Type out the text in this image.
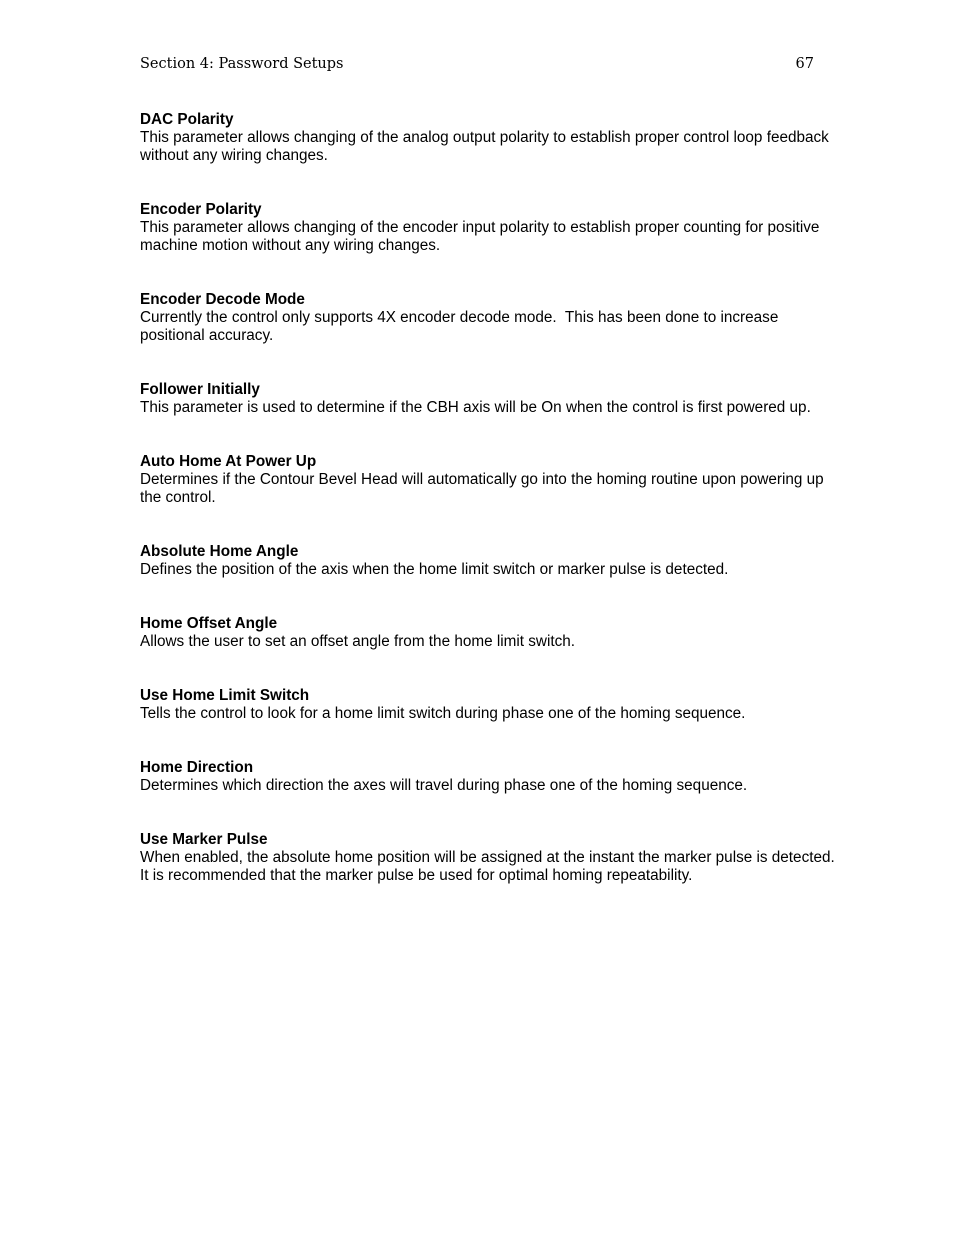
Section 4: Password Setups	67

DAC Polarity

This parameter allows changing of the analog output polarity to establish proper control loop feedback without any wiring changes.

Encoder Polarity

This parameter allows changing of the encoder input polarity to establish proper counting for positive machine motion without any wiring changes.

Encoder Decode Mode

Currently the control only supports 4X encoder decode mode.  This has been done to increase positional accuracy.

Follower Initially

This parameter is used to determine if the CBH axis will be On when the control is first powered up.

Auto Home At Power Up

Determines if the Contour Bevel Head will automatically go into the homing routine upon powering up the control.

Absolute Home Angle

Defines the position of the axis when the home limit switch or marker pulse is detected.

Home Offset Angle

Allows the user to set an offset angle from the home limit switch.

Use Home Limit Switch

Tells the control to look for a home limit switch during phase one of the homing sequence.

Home Direction

Determines which direction the axes will travel during phase one of the homing sequence.

Use Marker Pulse

When enabled, the absolute home position will be assigned at the instant the marker pulse is detected.  It is recommended that the marker pulse be used for optimal homing repeatability.
